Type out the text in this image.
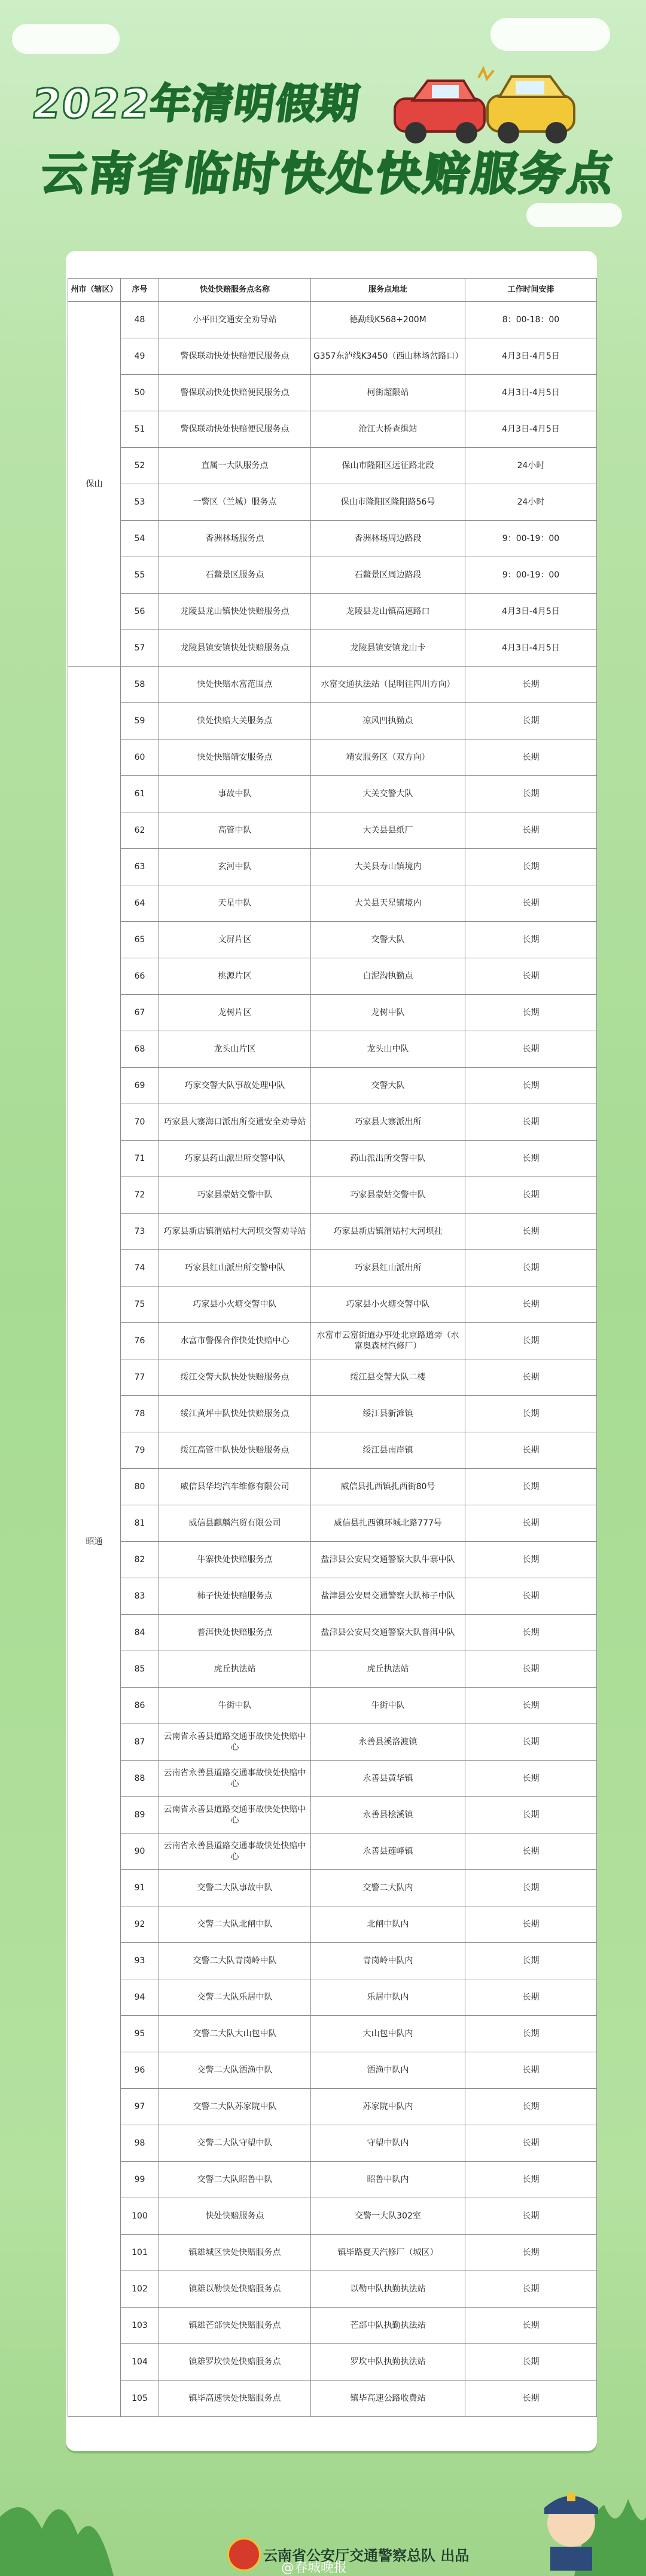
2022年清明假期
云南省临时快处快赔服务点
州市（辖区）	序号	快处快赔服务点名称	服务点地址	工作时间安排
保山	48	小平田交通安全劝导站	德勐线K568+200M	8：00-18：00
	49	警保联动快处快赔便民服务点	G357东泸线K3450（西山林场岔路口）	4月3日-4月5日
	50	警保联动快处快赔便民服务点	柯街超限站	4月3日-4月5日
	51	警保联动快处快赔便民服务点	沧江大桥查缉站	4月3日-4月5日
	52	直属一大队服务点	保山市隆阳区远征路北段	24小时
	53	一警区（兰城）服务点	保山市隆阳区隆阳路56号	24小时
	54	香洲林场服务点	香洲林场周边路段	9：00-19：00
	55	石鳖景区服务点	石鳖景区周边路段	9：00-19：00
	56	龙陵县龙山镇快处快赔服务点	龙陵县龙山镇高速路口	4月3日-4月5日
	57	龙陵县镇安镇快处快赔服务点	龙陵县镇安镇龙山卡	4月3日-4月5日
昭通	58	快处快赔水富范围点	水富交通执法站（昆明往四川方向）	长期
	59	快处快赔大关服务点	凉风凹执勤点	长期
	60	快处快赔靖安服务点	靖安服务区（双方向）	长期
	61	事故中队	大关交警大队	长期
	62	高管中队	大关县县纸厂	长期
	63	玄河中队	大关县寿山镇境内	长期
	64	天星中队	大关县天星镇境内	长期
	65	文屏片区	交警大队	长期
	66	桃源片区	白泥沟执勤点	长期
	67	龙树片区	龙树中队	长期
	68	龙头山片区	龙头山中队	长期
	69	巧家交警大队事故处理中队	交警大队	长期
	70	巧家县大寨海口派出所交通安全劝导站	巧家县大寨派出所	长期
	71	巧家县药山派出所交警中队	药山派出所交警中队	长期
	72	巧家县蒙姑交警中队	巧家县蒙姑交警中队	长期
	73	巧家县新店镇渭姑村大河坝交警劝导站	巧家县新店镇渭姑村大河坝社	长期
	74	巧家县红山派出所交警中队	巧家县红山派出所	长期
	75	巧家县小火塘交警中队	巧家县小火塘交警中队	长期
	76	水富市警保合作快处快赔中心	水富市云富街道办事处北京路道旁（水富奥森材汽修厂）	长期
	77	绥江交警大队快处快赔服务点	绥江县交警大队二楼	长期
	78	绥江黄坪中队快处快赔服务点	绥江县新滩镇	长期
	79	绥江高管中队快处快赔服务点	绥江县南岸镇	长期
	80	威信县华均汽车维修有限公司	威信县扎西镇扎西街80号	长期
	81	威信县麒麟汽贸有限公司	威信县扎西镇环城北路777号	长期
	82	牛寨快处快赔服务点	盐津县公安局交通警察大队牛寨中队	长期
	83	柿子快处快赔服务点	盐津县公安局交通警察大队柿子中队	长期
	84	普洱快处快赔服务点	盐津县公安局交通警察大队普洱中队	长期
	85	虎丘执法站	虎丘执法站	长期
	86	牛街中队	牛街中队	长期
	87	云南省永善县道路交通事故快处快赔中心	永善县溪洛渡镇	长期
	88	云南省永善县道路交通事故快处快赔中心	永善县黄华镇	长期
	89	云南省永善县道路交通事故快处快赔中心	永善县桧溪镇	长期
	90	云南省永善县道路交通事故快处快赔中心	永善县莲峰镇	长期
	91	交警二大队事故中队	交警二大队内	长期
	92	交警二大队北闸中队	北闸中队内	长期
	93	交警二大队青岗岭中队	青岗岭中队内	长期
	94	交警二大队乐居中队	乐居中队内	长期
	95	交警二大队大山包中队	大山包中队内	长期
	96	交警二大队洒渔中队	洒渔中队内	长期
	97	交警二大队苏家院中队	苏家院中队内	长期
	98	交警二大队守望中队	守望中队内	长期
	99	交警二大队昭鲁中队	昭鲁中队内	长期
	100	快处快赔服务点	交警一大队302室	长期
	101	镇雄城区快处快赔服务点	镇毕路夏天汽修厂（城区）	长期
	102	镇雄以勒快处快赔服务点	以勒中队执勤执法站	长期
	103	镇雄芒部快处快赔服务点	芒部中队执勤执法站	长期
	104	镇雄罗坎快处快赔服务点	罗坎中队执勤执法站	长期
	105	镇毕高速快处快赔服务点	镇毕高速公路收费站	长期
云南省公安厅交通警察总队 出品
@春城晚报
